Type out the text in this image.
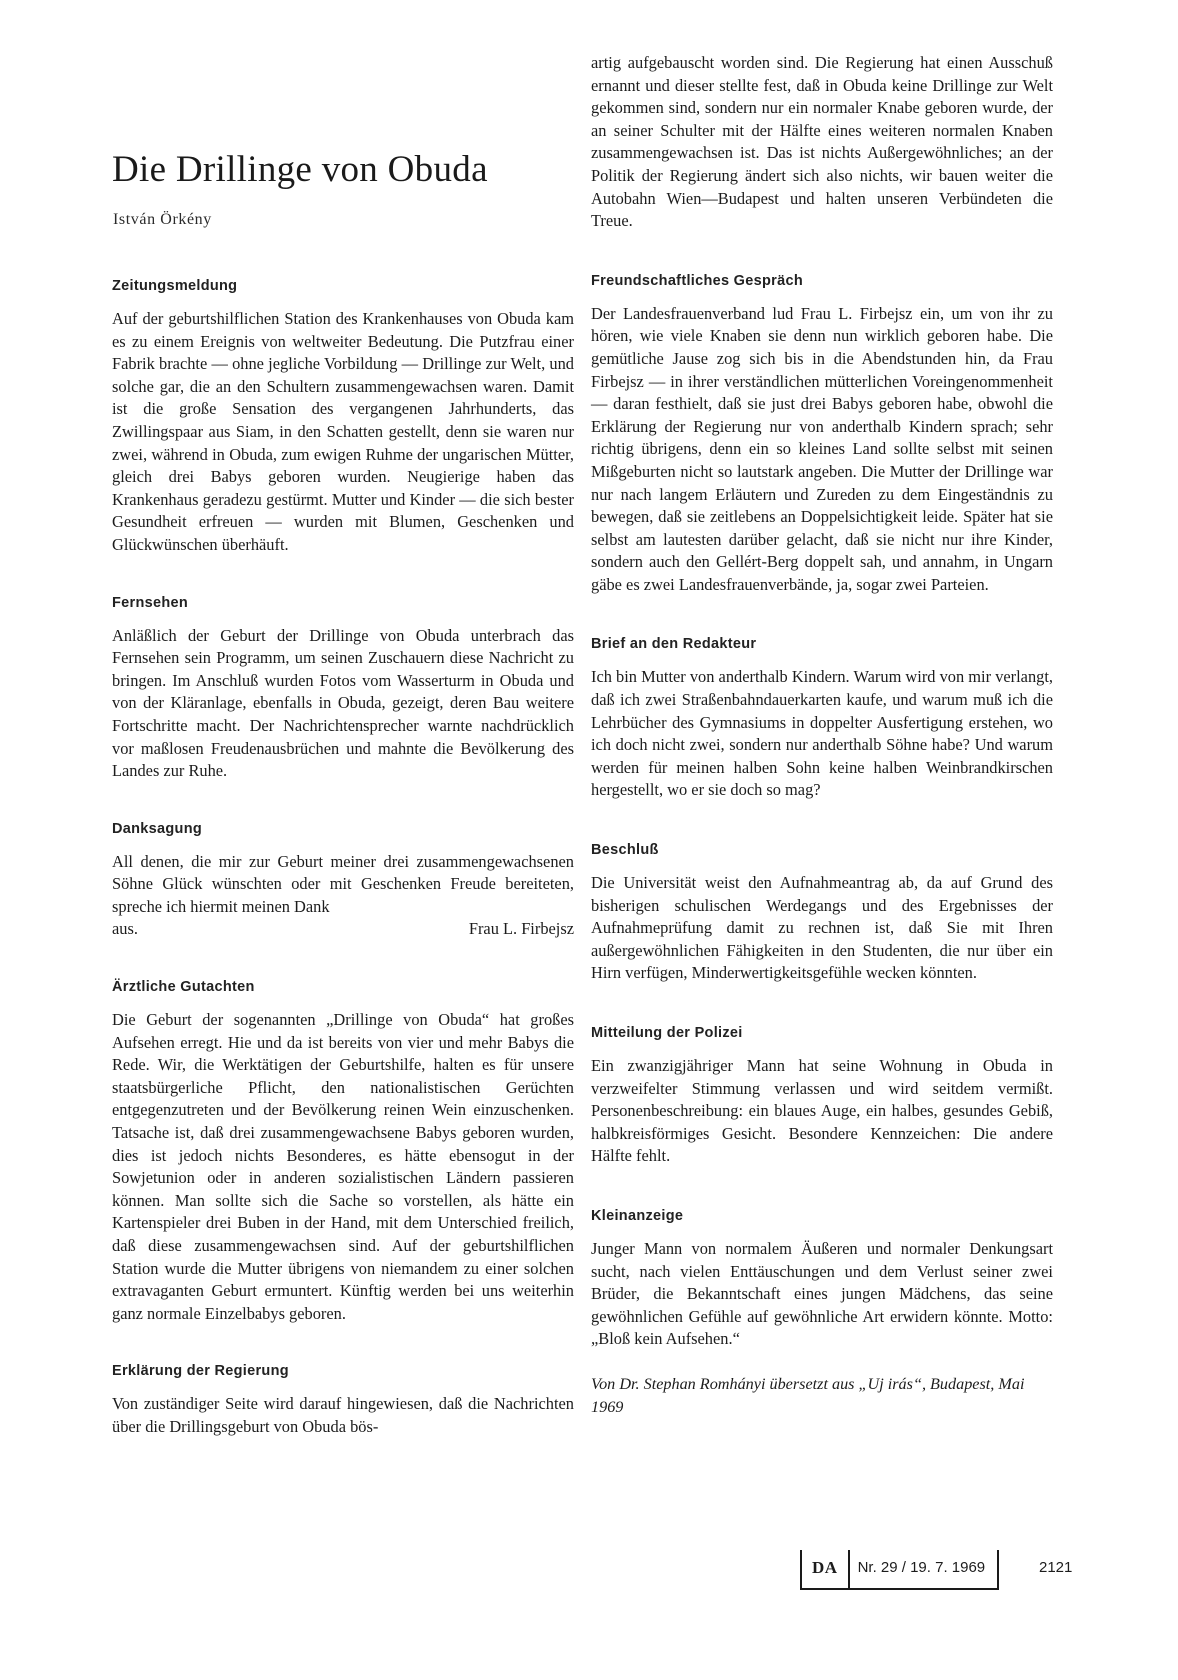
Die Drillinge von Obuda

István Örkény

Zeitungsmeldung

Auf der geburtshilflichen Station des Krankenhauses von Obuda kam es zu einem Ereignis von weltweiter Bedeutung. Die Putzfrau einer Fabrik brachte — ohne jegliche Vorbildung — Drillinge zur Welt, und solche gar, die an den Schultern zusammengewachsen waren. Damit ist die große Sensation des vergangenen Jahrhunderts, das Zwillingspaar aus Siam, in den Schatten gestellt, denn sie waren nur zwei, während in Obuda, zum ewigen Ruhme der ungarischen Mütter, gleich drei Babys geboren wurden. Neugierige haben das Krankenhaus geradezu gestürmt. Mutter und Kinder — die sich bester Gesundheit erfreuen — wurden mit Blumen, Geschenken und Glückwünschen überhäuft.

Fernsehen

Anläßlich der Geburt der Drillinge von Obuda unterbrach das Fernsehen sein Programm, um seinen Zuschauern diese Nachricht zu bringen. Im Anschluß wurden Fotos vom Wasserturm in Obuda und von der Kläranlage, ebenfalls in Obuda, gezeigt, deren Bau weitere Fortschritte macht. Der Nachrichtensprecher warnte nachdrücklich vor maßlosen Freudenausbrüchen und mahnte die Bevölkerung des Landes zur Ruhe.

Danksagung

All denen, die mir zur Geburt meiner drei zusammengewachsenen Söhne Glück wünschten oder mit Geschenken Freude bereiteten, spreche ich hiermit meinen Dank

aus.	Frau L. Firbejsz
Ärztliche Gutachten

Die Geburt der sogenannten „Drillinge von Obuda“ hat großes Aufsehen erregt. Hie und da ist bereits von vier und mehr Babys die Rede. Wir, die Werktätigen der Geburtshilfe, halten es für unsere staatsbürgerliche Pflicht, den nationalistischen Gerüchten entgegenzutreten und der Bevölkerung reinen Wein einzuschenken. Tatsache ist, daß drei zusammengewachsene Babys geboren wurden, dies ist jedoch nichts Besonderes, es hätte ebensogut in der Sowjetunion oder in anderen sozialistischen Ländern passieren können. Man sollte sich die Sache so vorstellen, als hätte ein Kartenspieler drei Buben in der Hand, mit dem Unterschied freilich, daß diese zusammengewachsen sind. Auf der geburtshilflichen Station wurde die Mutter übrigens von niemandem zu einer solchen extravaganten Geburt ermuntert. Künftig werden bei uns weiterhin ganz normale Einzelbabys geboren.

Erklärung der Regierung

Von zuständiger Seite wird darauf hingewiesen, daß die Nachrichten über die Drillingsgeburt von Obuda bös-

artig aufgebauscht worden sind. Die Regierung hat einen Ausschuß ernannt und dieser stellte fest, daß in Obuda keine Drillinge zur Welt gekommen sind, sondern nur ein normaler Knabe geboren wurde, der an seiner Schulter mit der Hälfte eines weiteren normalen Knaben zusammengewachsen ist. Das ist nichts Außergewöhnliches; an der Politik der Regierung ändert sich also nichts, wir bauen weiter die Autobahn Wien—Budapest und halten unseren Verbündeten die Treue.

Freundschaftliches Gespräch

Der Landesfrauenverband lud Frau L. Firbejsz ein, um von ihr zu hören, wie viele Knaben sie denn nun wirklich geboren habe. Die gemütliche Jause zog sich bis in die Abendstunden hin, da Frau Firbejsz — in ihrer verständlichen mütterlichen Voreingenommenheit — daran festhielt, daß sie just drei Babys geboren habe, obwohl die Erklärung der Regierung nur von anderthalb Kindern sprach; sehr richtig übrigens, denn ein so kleines Land sollte selbst mit seinen Mißgeburten nicht so lautstark angeben. Die Mutter der Drillinge war nur nach langem Erläutern und Zureden zu dem Eingeständnis zu bewegen, daß sie zeitlebens an Doppelsichtigkeit leide. Später hat sie selbst am lautesten darüber gelacht, daß sie nicht nur ihre Kinder, sondern auch den Gellért-Berg doppelt sah, und annahm, in Ungarn gäbe es zwei Landesfrauenverbände, ja, sogar zwei Parteien.

Brief an den Redakteur

Ich bin Mutter von anderthalb Kindern. Warum wird von mir verlangt, daß ich zwei Straßenbahndauerkarten kaufe, und warum muß ich die Lehrbücher des Gymnasiums in doppelter Ausfertigung erstehen, wo ich doch nicht zwei, sondern nur anderthalb Söhne habe? Und warum werden für meinen halben Sohn keine halben Weinbrandkirschen hergestellt, wo er sie doch so mag?

Beschluß

Die Universität weist den Aufnahmeantrag ab, da auf Grund des bisherigen schulischen Werdegangs und des Ergebnisses der Aufnahmeprüfung damit zu rechnen ist, daß Sie mit Ihren außergewöhnlichen Fähigkeiten in den Studenten, die nur über ein Hirn verfügen, Minderwertigkeitsgefühle wecken könnten.

Mitteilung der Polizei

Ein zwanzigjähriger Mann hat seine Wohnung in Obuda in verzweifelter Stimmung verlassen und wird seitdem vermißt. Personenbeschreibung: ein blaues Auge, ein halbes, gesundes Gebiß, halbkreisförmiges Gesicht. Besondere Kennzeichen: Die andere Hälfte fehlt.

Kleinanzeige

Junger Mann von normalem Äußeren und normaler Denkungsart sucht, nach vielen Enttäuschungen und dem Verlust seiner zwei Brüder, die Bekanntschaft eines jungen Mädchens, das seine gewöhnlichen Gefühle auf gewöhnliche Art erwidern könnte. Motto: „Bloß kein Aufsehen.“

Von Dr. Stephan Romhányi übersetzt aus „Uj irás“, Budapest, Mai 1969

DA	Nr. 29 / 19. 7. 1969	2121
